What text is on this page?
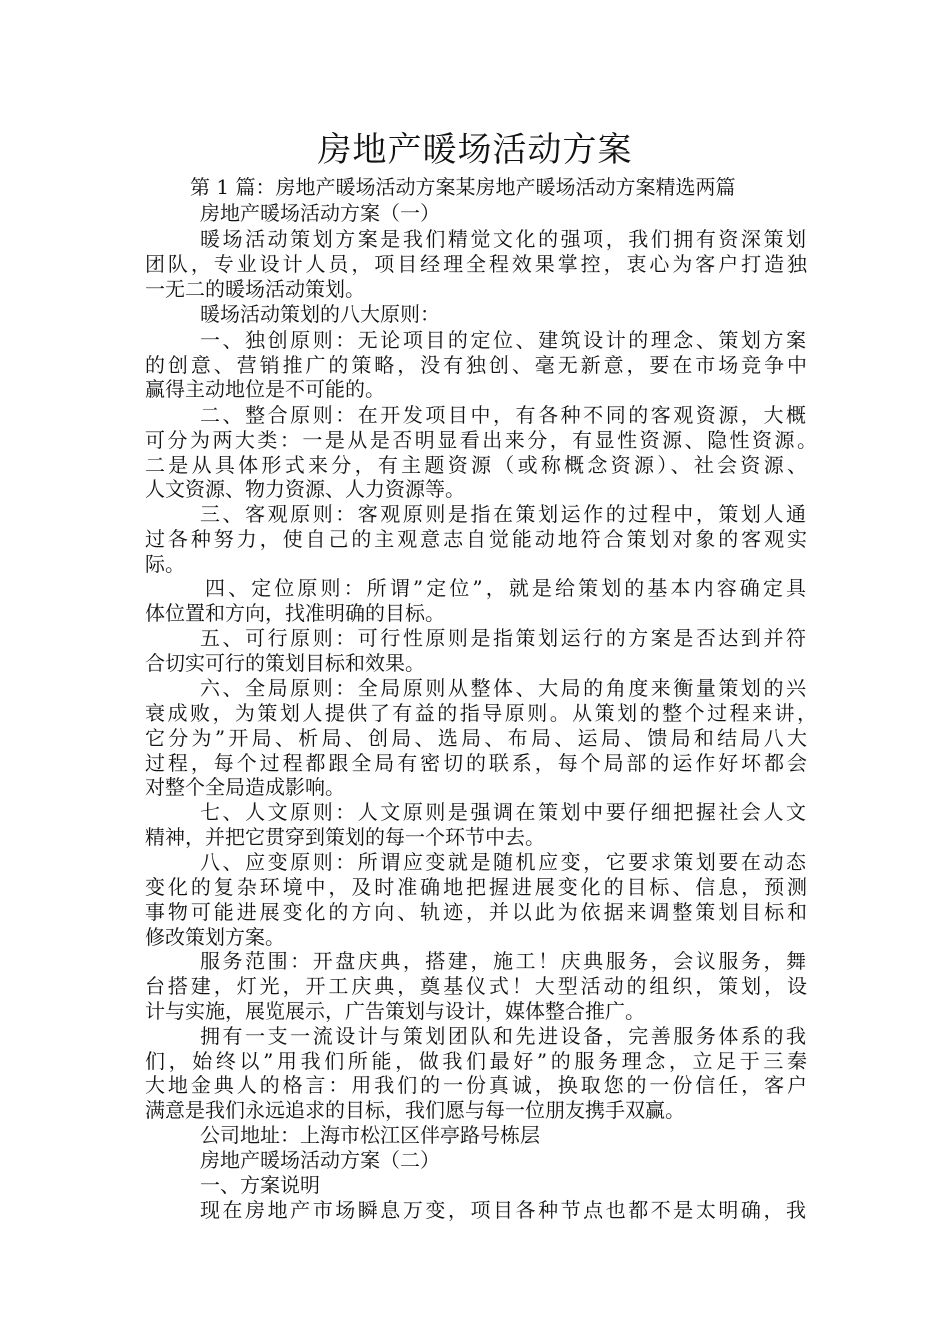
房地产暖场活动方案
第 1 篇：房地产暖场活动方案某房地产暖场活动方案精选两篇
房地产暖场活动方案（一）
暖场活动策划方案是我们精觉文化的强项，我们拥有资深策划
团队，专业设计人员，项目经理全程效果掌控，衷心为客户打造独
一无二的暖场活动策划。
暖场活动策划的八大原则：
一、独创原则：无论项目的定位、建筑设计的理念、策划方案
的创意、营销推广的策略，没有独创、毫无新意，要在市场竞争中
赢得主动地位是不可能的。
二、整合原则：在开发项目中，有各种不同的客观资源，大概
可分为两大类：一是从是否明显看出来分，有显性资源、隐性资源。
二是从具体形式来分，有主题资源（或称概念资源）、社会资源、
人文资源、物力资源、人力资源等。
三、客观原则：客观原则是指在策划运作的过程中，策划人通
过各种努力，使自己的主观意志自觉能动地符合策划对象的客观实
际。
四、定位原则：所谓”定位”，就是给策划的基本内容确定具
体位置和方向，找准明确的目标。
五、可行原则：可行性原则是指策划运行的方案是否达到并符
合切实可行的策划目标和效果。
六、全局原则：全局原则从整体、大局的角度来衡量策划的兴
衰成败，为策划人提供了有益的指导原则。从策划的整个过程来讲，
它分为”开局、析局、创局、选局、布局、运局、馈局和结局八大
过程，每个过程都跟全局有密切的联系，每个局部的运作好坏都会
对整个全局造成影响。
七、人文原则：人文原则是强调在策划中要仔细把握社会人文
精神，并把它贯穿到策划的每一个环节中去。
八、应变原则：所谓应变就是随机应变，它要求策划要在动态
变化的复杂环境中，及时准确地把握进展变化的目标、信息，预测
事物可能进展变化的方向、轨迹，并以此为依据来调整策划目标和
修改策划方案。
服务范围：开盘庆典，搭建，施工！庆典服务，会议服务，舞
台搭建，灯光，开工庆典，奠基仪式！大型活动的组织，策划，设
计与实施，展览展示，广告策划与设计，媒体整合推广。
拥有一支一流设计与策划团队和先进设备，完善服务体系的我
们，始终以”用我们所能，做我们最好”的服务理念，立足于三秦
大地金典人的格言：用我们的一份真诚，换取您的一份信任，客户
满意是我们永远追求的目标，我们愿与每一位朋友携手双赢。
公司地址：上海市松江区伴亭路号栋层
房地产暖场活动方案（二）
一、方案说明
现在房地产市场瞬息万变，项目各种节点也都不是太明确，我
